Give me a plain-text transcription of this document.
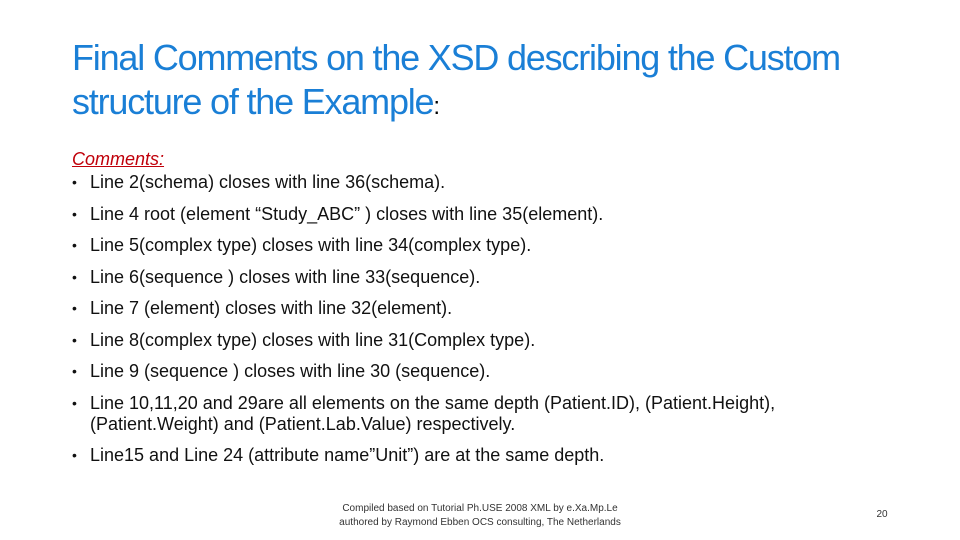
Final Comments on the XSD describing the Custom structure of the Example:
Comments:
• Line 2(schema) closes with line 36(schema).
• Line 4 root (element “Study_ABC” ) closes with line 35(element).
• Line 5(complex type) closes with line 34(complex type).
• Line 6(sequence ) closes with line 33(sequence).
• Line 7 (element) closes with line 32(element).
• Line 8(complex type) closes with line 31(Complex type).
• Line 9 (sequence ) closes with line 30 (sequence).
• Line 10,11,20 and 29are all elements on the same depth (Patient.ID), (Patient.Height), (Patient.Weight) and (Patient.Lab.Value) respectively.
• Line15 and Line 24 (attribute name”Unit”) are at the same depth.
Compiled based on Tutorial Ph.USE 2008 XML by e.Xa.Mp.Le
authored by Raymond Ebben OCS consulting, The Netherlands
20
